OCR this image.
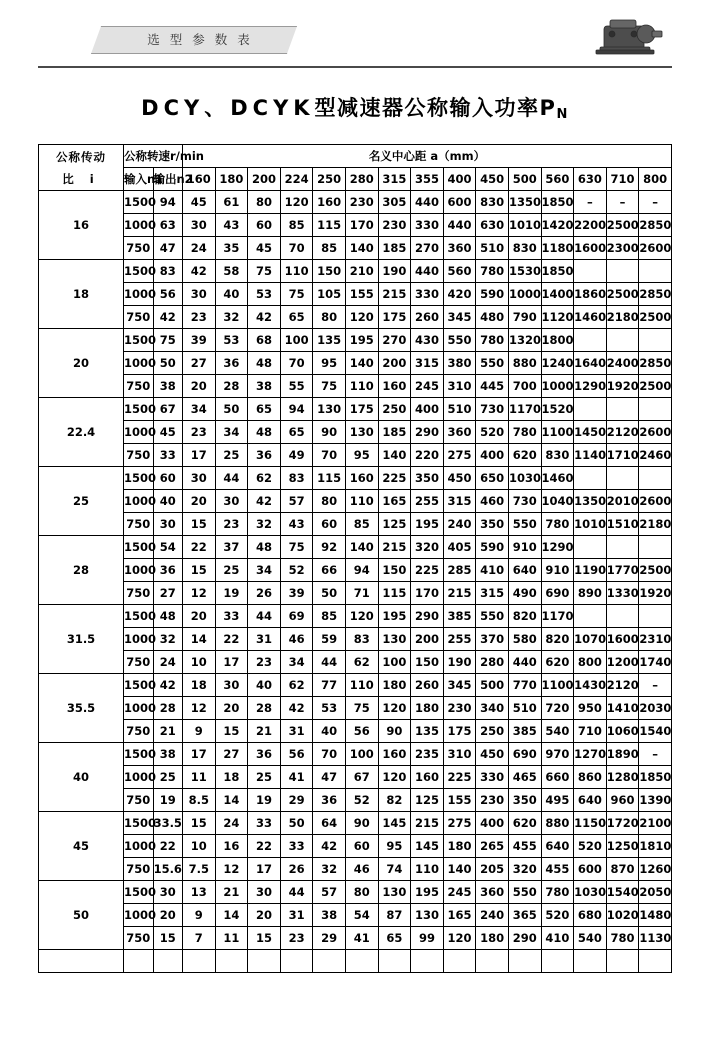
选 型 参 数 表
DCY、DCYK型减速器公称输入功率$P_N$
公称传动
比 i	公称转速r/min		名义中心距 a（mm）														
	输入n1	输出n2	160	180	200	224	250	280	315	355	400	450	500	560	630	710	800
16	1500	94	45	61	80	120	160	230	305	440	600	830	1350	1850	–	–	–
	1000	63	30	43	60	85	115	170	230	330	440	630	1010	1420	2200	2500	2850
	750	47	24	35	45	70	85	140	185	270	360	510	830	1180	1600	2300	2600
18	1500	83	42	58	75	110	150	210	190	440	560	780	1530	1850			
	1000	56	30	40	53	75	105	155	215	330	420	590	1000	1400	1860	2500	2850
	750	42	23	32	42	65	80	120	175	260	345	480	790	1120	1460	2180	2500
20	1500	75	39	53	68	100	135	195	270	430	550	780	1320	1800			
	1000	50	27	36	48	70	95	140	200	315	380	550	880	1240	1640	2400	2850
	750	38	20	28	38	55	75	110	160	245	310	445	700	1000	1290	1920	2500
22.4	1500	67	34	50	65	94	130	175	250	400	510	730	1170	1520			
	1000	45	23	34	48	65	90	130	185	290	360	520	780	1100	1450	2120	2600
	750	33	17	25	36	49	70	95	140	220	275	400	620	830	1140	1710	2460
25	1500	60	30	44	62	83	115	160	225	350	450	650	1030	1460			
	1000	40	20	30	42	57	80	110	165	255	315	460	730	1040	1350	2010	2600
	750	30	15	23	32	43	60	85	125	195	240	350	550	780	1010	1510	2180
28	1500	54	22	37	48	75	92	140	215	320	405	590	910	1290			
	1000	36	15	25	34	52	66	94	150	225	285	410	640	910	1190	1770	2500
	750	27	12	19	26	39	50	71	115	170	215	315	490	690	890	1330	1920
31.5	1500	48	20	33	44	69	85	120	195	290	385	550	820	1170			
	1000	32	14	22	31	46	59	83	130	200	255	370	580	820	1070	1600	2310
	750	24	10	17	23	34	44	62	100	150	190	280	440	620	800	1200	1740
35.5	1500	42	18	30	40	62	77	110	180	260	345	500	770	1100	1430	2120	–
	1000	28	12	20	28	42	53	75	120	180	230	340	510	720	950	1410	2030
	750	21	9	15	21	31	40	56	90	135	175	250	385	540	710	1060	1540
40	1500	38	17	27	36	56	70	100	160	235	310	450	690	970	1270	1890	–
	1000	25	11	18	25	41	47	67	120	160	225	330	465	660	860	1280	1850
	750	19	8.5	14	19	29	36	52	82	125	155	230	350	495	640	960	1390
45	1500	33.5	15	24	33	50	64	90	145	215	275	400	620	880	1150	1720	2100
	1000	22	10	16	22	33	42	60	95	145	180	265	455	640	520	1250	1810
	750	15.6	7.5	12	17	26	32	46	74	110	140	205	320	455	600	870	1260
50	1500	30	13	21	30	44	57	80	130	195	245	360	550	780	1030	1540	2050
	1000	20	9	14	20	31	38	54	87	130	165	240	365	520	680	1020	1480
	750	15	7	11	15	23	29	41	65	99	120	180	290	410	540	780	1130
